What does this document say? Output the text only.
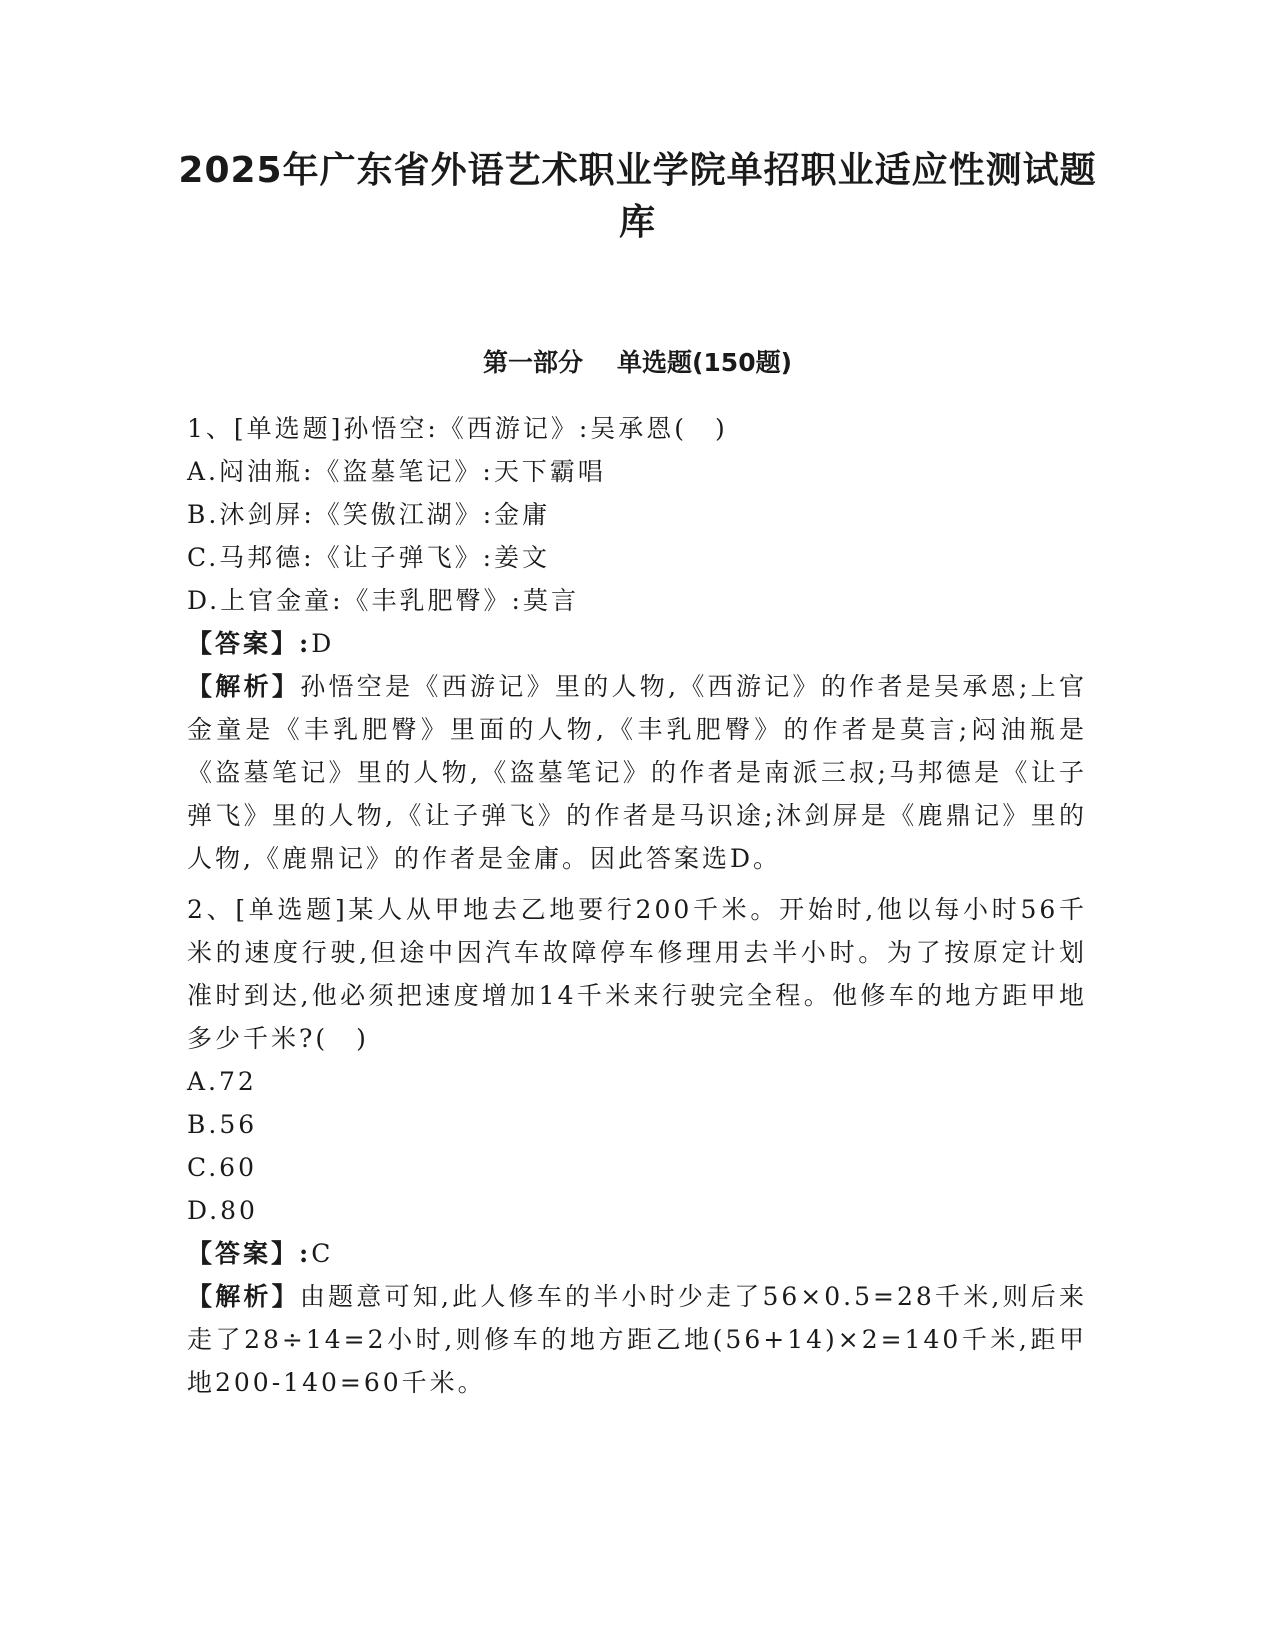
2025年广东省外语艺术职业学院单招职业适应性测试题库
第一部分 单选题(150题)

1、[单选题]孙悟空:《西游记》:吴承恩(　)

A.闷油瓶:《盗墓笔记》:天下霸唱

B.沐剑屏:《笑傲江湖》:金庸

C.马邦德:《让子弹飞》:姜文

D.上官金童:《丰乳肥臀》:莫言

【答案】:D

【解析】孙悟空是《西游记》里的人物,《西游记》的作者是吴承恩;上官金童是《丰乳肥臀》里面的人物,《丰乳肥臀》的作者是莫言;闷油瓶是《盗墓笔记》里的人物,《盗墓笔记》的作者是南派三叔;马邦德是《让子弹飞》里的人物,《让子弹飞》的作者是马识途;沐剑屏是《鹿鼎记》里的人物,《鹿鼎记》的作者是金庸。因此答案选D。

2、[单选题]某人从甲地去乙地要行200千米。开始时,他以每小时56千米的速度行驶,但途中因汽车故障停车修理用去半小时。为了按原定计划准时到达,他必须把速度增加14千米来行驶完全程。他修车的地方距甲地多少千米?(　)

A.72

B.56

C.60

D.80

【答案】:C

【解析】由题意可知,此人修车的半小时少走了56×0.5=28千米,则后来走了28÷14=2小时,则修车的地方距乙地(56+14)×2=140千米,距甲地200-140=60千米。
